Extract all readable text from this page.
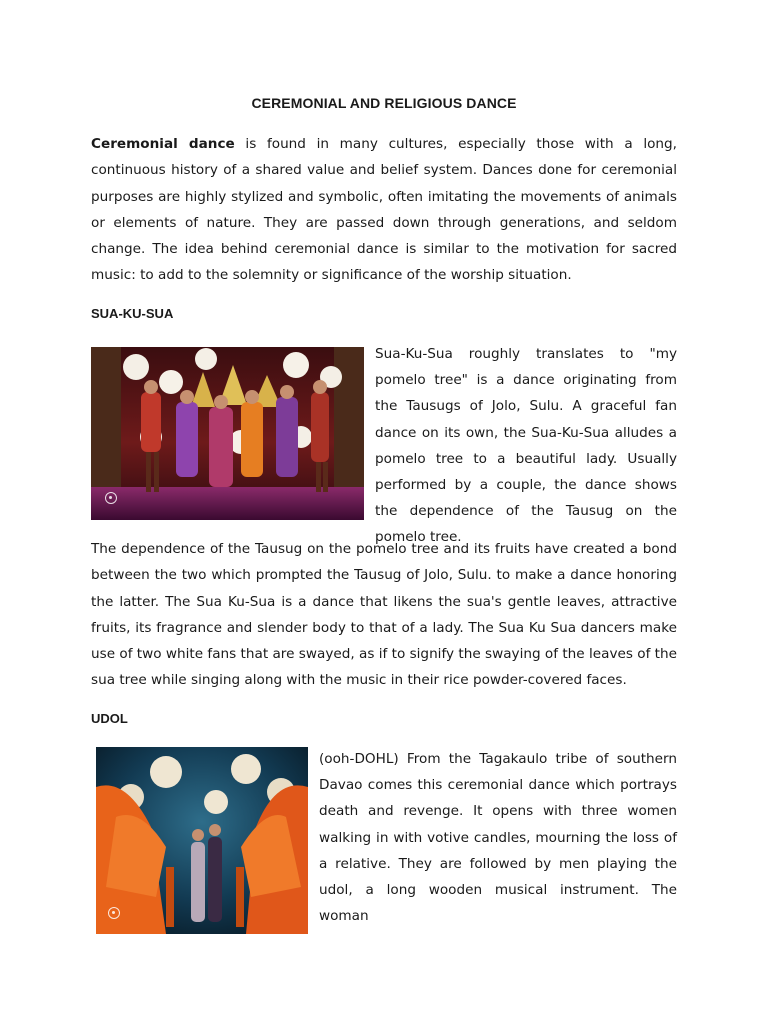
CEREMONIAL AND RELIGIOUS DANCE

Ceremonial dance is found in many cultures, especially those with a long, continuous history of a shared value and belief system. Dances done for ceremonial purposes are highly stylized and symbolic, often imitating the movements of animals or elements of nature. They are passed down through generations, and seldom change. The idea behind ceremonial dance is similar to the motivation for sacred music: to add to the solemnity or significance of the worship situation.

SUA-KU-SUA

Sua-Ku-Sua roughly translates to "my pomelo tree" is a dance originating from the Tausugs of Jolo, Sulu. A graceful fan dance on its own, the Sua-Ku-Sua alludes a pomelo tree to a beautiful lady. Usually performed by a couple, the dance shows the dependence of the Tausug on the pomelo tree.

The dependence of the Tausug on the pomelo tree and its fruits have created a bond between the two which prompted the Tausug of Jolo, Sulu. to make a dance honoring the latter. The Sua Ku-Sua is a dance that likens the sua's gentle leaves, attractive fruits, its fragrance and slender body to that of a lady. The Sua Ku Sua dancers make use of two white fans that are swayed, as if to signify the swaying of the leaves of the sua tree while singing along with the music in their rice powder-covered faces.

UDOL

(ooh-DOHL) From the Tagakaulo tribe of southern Davao comes this ceremonial dance which portrays death and revenge. It opens with three women walking in with votive candles, mourning the loss of a relative. They are followed by men playing the udol, a long wooden musical instrument. The woman
